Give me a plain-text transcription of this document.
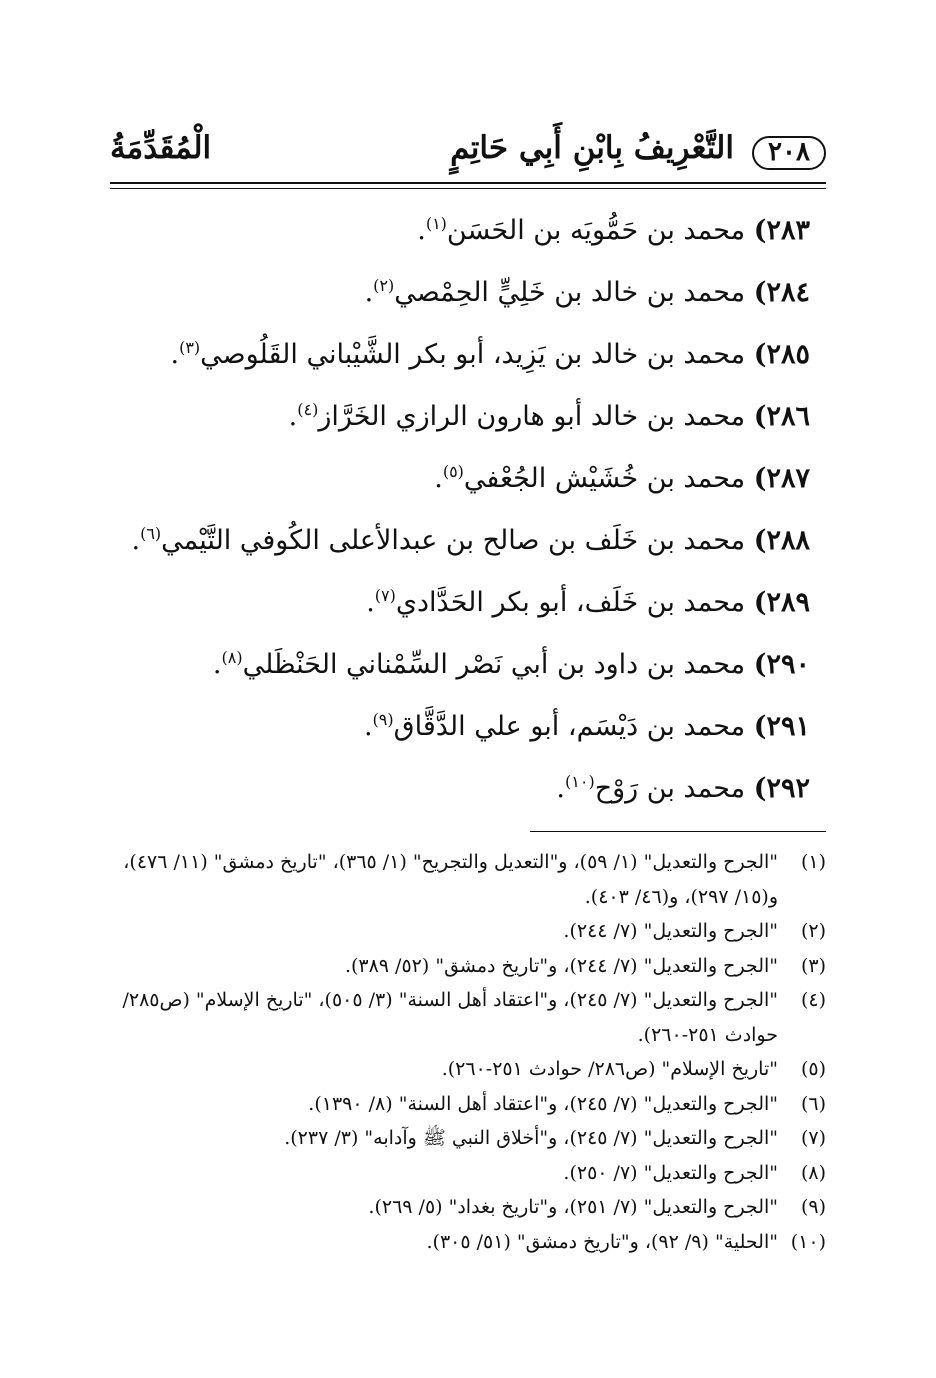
٢٠٨
التَّعْرِيفُ بِابْنِ أَبِي حَاتِمٍ
الْمُقَدِّمَةُ
٢٨٣) محمد بن حَمُّويَه بن الحَسَن$^{(١)}$.
٢٨٤) محمد بن خالد بن خَلِيٍّ الحِمْصي$^{(٢)}$.
٢٨٥) محمد بن خالد بن يَزِيد، أبو بكر الشَّيْباني القَلُوصي$^{(٣)}$.
٢٨٦) محمد بن خالد أبو هارون الرازي الخَرَّاز$^{(٤)}$.
٢٨٧) محمد بن خُشَيْش الجُعْفي$^{(٥)}$.
٢٨٨) محمد بن خَلَف بن صالح بن عبدالأعلى الكُوفي التَّيْمي$^{(٦)}$.
٢٨٩) محمد بن خَلَف، أبو بكر الحَدَّادي$^{(٧)}$.
٢٩٠) محمد بن داود بن أبي نَصْر السِّمْناني الحَنْظَلي$^{(٨)}$.
٢٩١) محمد بن دَيْسَم، أبو علي الدَّقَّاق$^{(٩)}$.
٢٩٢) محمد بن رَوْح$^{(١٠)}$.
(١)
"الجرح والتعديل" (١/ ٥٩)، و"التعديل والتجريح" (١/ ٣٦٥)، "تاريخ دمشق" (١١/ ٤٧٦)، و(١٥/ ٢٩٧)، و(٤٦/ ٤٠٣).
(٢)
"الجرح والتعديل" (٧/ ٢٤٤).
(٣)
"الجرح والتعديل" (٧/ ٢٤٤)، و"تاريخ دمشق" (٥٢/ ٣٨٩).
(٤)
"الجرح والتعديل" (٧/ ٢٤٥)، و"اعتقاد أهل السنة" (٣/ ٥٠٥)، "تاريخ الإسلام" (ص٢٨٥/ حوادث ٢٥١-٢٦٠).
(٥)
"تاريخ الإسلام" (ص٢٨٦/ حوادث ٢٥١-٢٦٠).
(٦)
"الجرح والتعديل" (٧/ ٢٤٥)، و"اعتقاد أهل السنة" (٨/ ١٣٩٠).
(٧)
"الجرح والتعديل" (٧/ ٢٤٥)، و"أخلاق النبي ﷺ وآدابه" (٣/ ٢٣٧).
(٨)
"الجرح والتعديل" (٧/ ٢٥٠).
(٩)
"الجرح والتعديل" (٧/ ٢٥١)، و"تاريخ بغداد" (٥/ ٢٦٩).
(١٠)
"الحلية" (٩/ ٩٢)، و"تاريخ دمشق" (٥١/ ٣٠٥).
